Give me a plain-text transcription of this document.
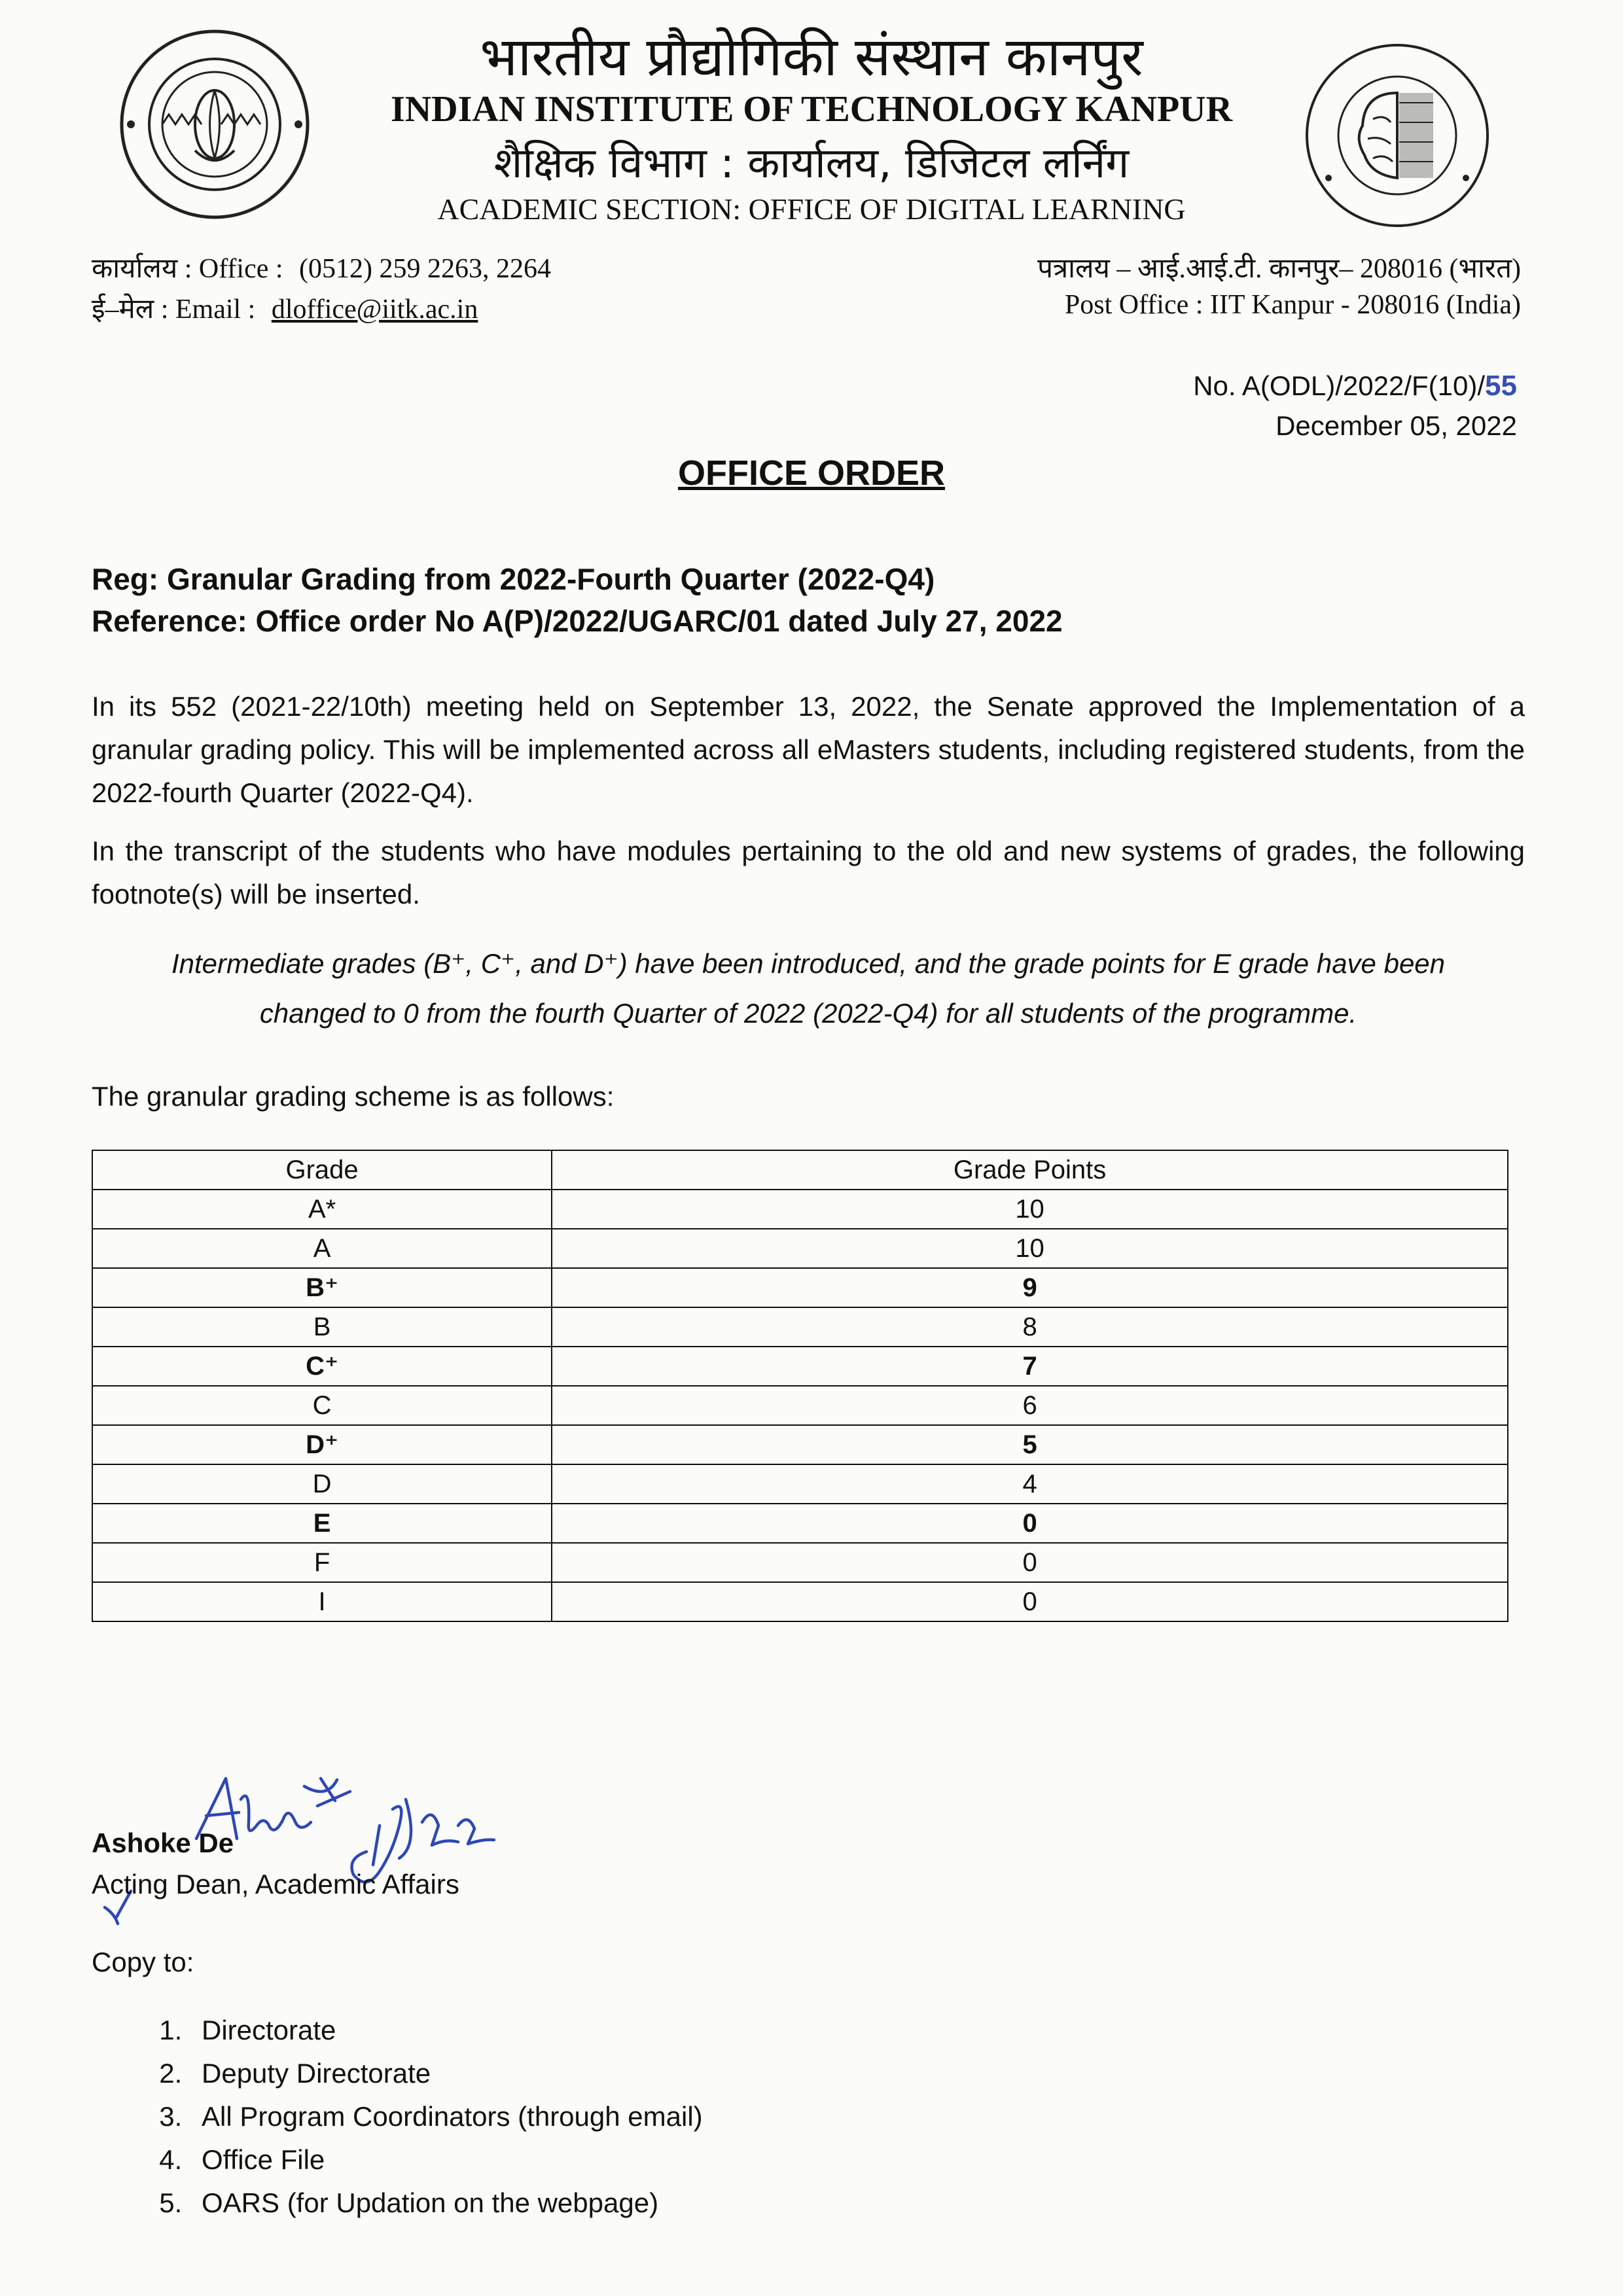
भारतीय प्रौद्योगिकी संस्थान कानपुर
INDIAN INSTITUTE OF TECHNOLOGY KANPUR
शैक्षिक विभाग : कार्यालय, डिजिटल लर्निंग
ACADEMIC SECTION: OFFICE OF DIGITAL LEARNING
कार्यालय : Office : (0512) 259 2263, 2264
ई–मेल : Email : dloffice@iitk.ac.in
पत्रालय – आई.आई.टी. कानपुर– 208016 (भारत)
Post Office : IIT Kanpur - 208016 (India)
No. A(ODL)/2022/F(10)/55
December 05, 2022
OFFICE ORDER
Reg: Granular Grading from 2022-Fourth Quarter (2022-Q4)
Reference: Office order No A(P)/2022/UGARC/01 dated July 27, 2022
In its 552 (2021-22/10th) meeting held on September 13, 2022, the Senate approved the Implementation of a granular grading policy. This will be implemented across all eMasters students, including registered students, from the 2022-fourth Quarter (2022-Q4).
In the transcript of the students who have modules pertaining to the old and new systems of grades, the following footnote(s) will be inserted.
Intermediate grades (B⁺, C⁺, and D⁺) have been introduced, and the grade points for E grade have been
changed to 0 from the fourth Quarter of 2022 (2022-Q4) for all students of the programme.
The granular grading scheme is as follows:
Grade	Grade Points
A*	10
A	10
B⁺	9
B	8
C⁺	7
C	6
D⁺	5
D	4
E	0
F	0
I	0
Ashoke De
Acting Dean, Academic Affairs
Copy to:
1. Directorate
2. Deputy Directorate
3. All Program Coordinators (through email)
4. Office File
5. OARS (for Updation on the webpage)
